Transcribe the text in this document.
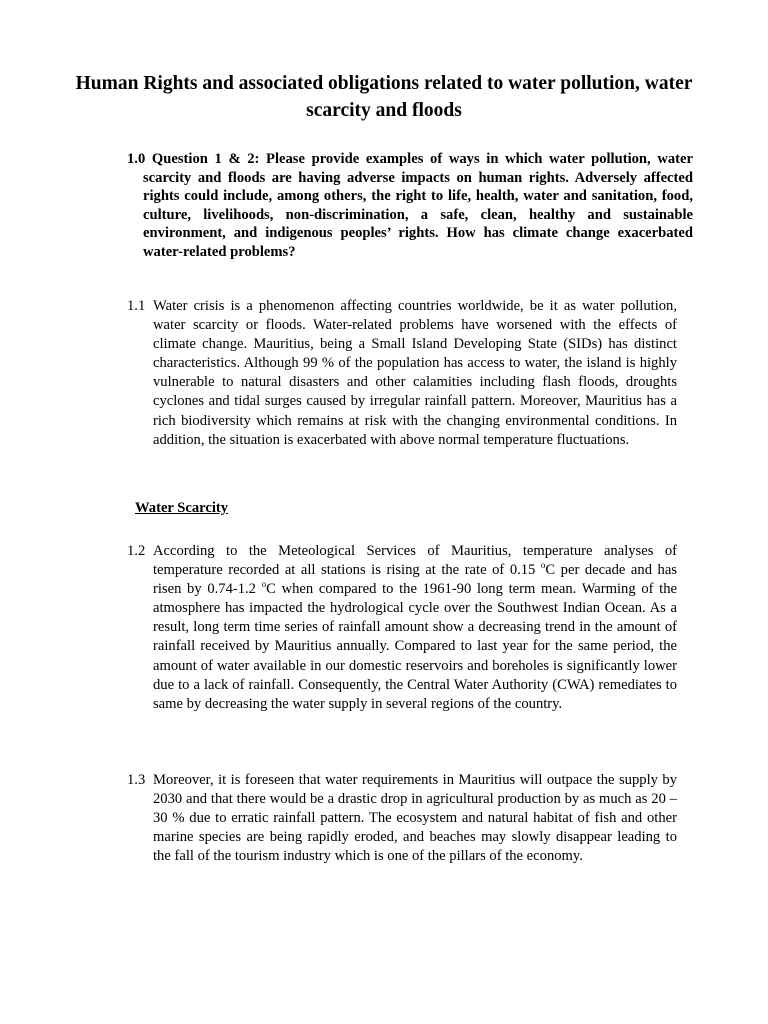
Human Rights and associated obligations related to water pollution, water scarcity and floods
1.0 Question 1 & 2: Please provide examples of ways in which water pollution, water scarcity and floods are having adverse impacts on human rights. Adversely affected rights could include, among others, the right to life, health, water and sanitation, food, culture, livelihoods, non-discrimination, a safe, clean, healthy and sustainable environment, and indigenous peoples’ rights. How has climate change exacerbated water-related problems?
1.1 Water crisis is a phenomenon affecting countries worldwide, be it as water pollution, water scarcity or floods. Water-related problems have worsened with the effects of climate change. Mauritius, being a Small Island Developing State (SIDs) has distinct characteristics. Although 99 % of the population has access to water, the island is highly vulnerable to natural disasters and other calamities including flash floods, droughts cyclones and tidal surges caused by irregular rainfall pattern. Moreover, Mauritius has a rich biodiversity which remains at risk with the changing environmental conditions. In addition, the situation is exacerbated with above normal temperature fluctuations.
Water Scarcity
1.2 According to the Meteological Services of Mauritius, temperature analyses of temperature recorded at all stations is rising at the rate of 0.15 $^o$C per decade and has risen by 0.74-1.2 $^o$C when compared to the 1961-90 long term mean. Warming of the atmosphere has impacted the hydrological cycle over the Southwest Indian Ocean. As a result, long term time series of rainfall amount show a decreasing trend in the amount of rainfall received by Mauritius annually. Compared to last year for the same period, the amount of water available in our domestic reservoirs and boreholes is significantly lower due to a lack of rainfall. Consequently, the Central Water Authority (CWA) remediates to same by decreasing the water supply in several regions of the country.
1.3 Moreover, it is foreseen that water requirements in Mauritius will outpace the supply by 2030 and that there would be a drastic drop in agricultural production by as much as 20 – 30 % due to erratic rainfall pattern. The ecosystem and natural habitat of fish and other marine species are being rapidly eroded, and beaches may slowly disappear leading to the fall of the tourism industry which is one of the pillars of the economy.
